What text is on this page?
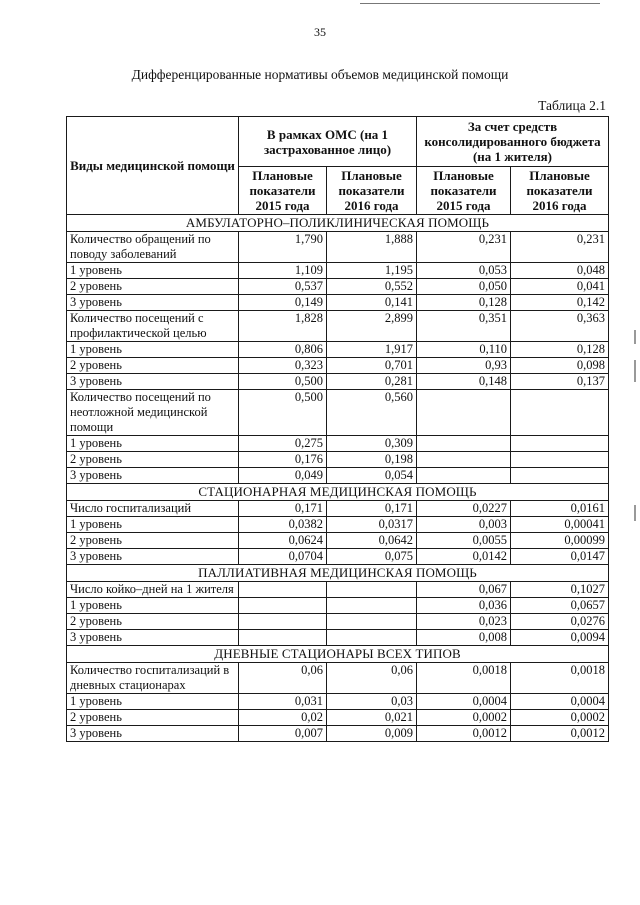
35
Дифференцированные нормативы объемов медицинской помощи
Таблица 2.1
Виды медицинской помощи	В рамках ОМС (на 1 застрахованное лицо)		За счет средств консолидированного бюджета (на 1 жителя)	
	Плановые показатели 2015 года	Плановые показатели 2016 года	Плановые показатели 2015 года	Плановые показатели 2016 года
АМБУЛАТОРНО–ПОЛИКЛИНИЧЕСКАЯ ПОМОЩЬ				
Количество обращений по поводу заболеваний	1,790	1,888	0,231	0,231
1 уровень	1,109	1,195	0,053	0,048
2 уровень	0,537	0,552	0,050	0,041
3 уровень	0,149	0,141	0,128	0,142
Количество посещений с профилактической целью	1,828	2,899	0,351	0,363
1 уровень	0,806	1,917	0,110	0,128
2 уровень	0,323	0,701	0,93	0,098
3 уровень	0,500	0,281	0,148	0,137
Количество посещений по неотложной медицинской помощи	0,500	0,560		
1 уровень	0,275	0,309		
2 уровень	0,176	0,198		
3 уровень	0,049	0,054		
СТАЦИОНАРНАЯ МЕДИЦИНСКАЯ ПОМОЩЬ				
Число госпитализаций	0,171	0,171	0,0227	0,0161
1 уровень	0,0382	0,0317	0,003	0,00041
2 уровень	0,0624	0,0642	0,0055	0,00099
3 уровень	0,0704	0,075	0,0142	0,0147
ПАЛЛИАТИВНАЯ МЕДИЦИНСКАЯ ПОМОЩЬ				
Число койко–дней на 1 жителя			0,067	0,1027
1 уровень			0,036	0,0657
2 уровень			0,023	0,0276
3 уровень			0,008	0,0094
ДНЕВНЫЕ СТАЦИОНАРЫ ВСЕХ ТИПОВ				
Количество госпитализаций в дневных стационарах	0,06	0,06	0,0018	0,0018
1 уровень	0,031	0,03	0,0004	0,0004
2 уровень	0,02	0,021	0,0002	0,0002
3 уровень	0,007	0,009	0,0012	0,0012
